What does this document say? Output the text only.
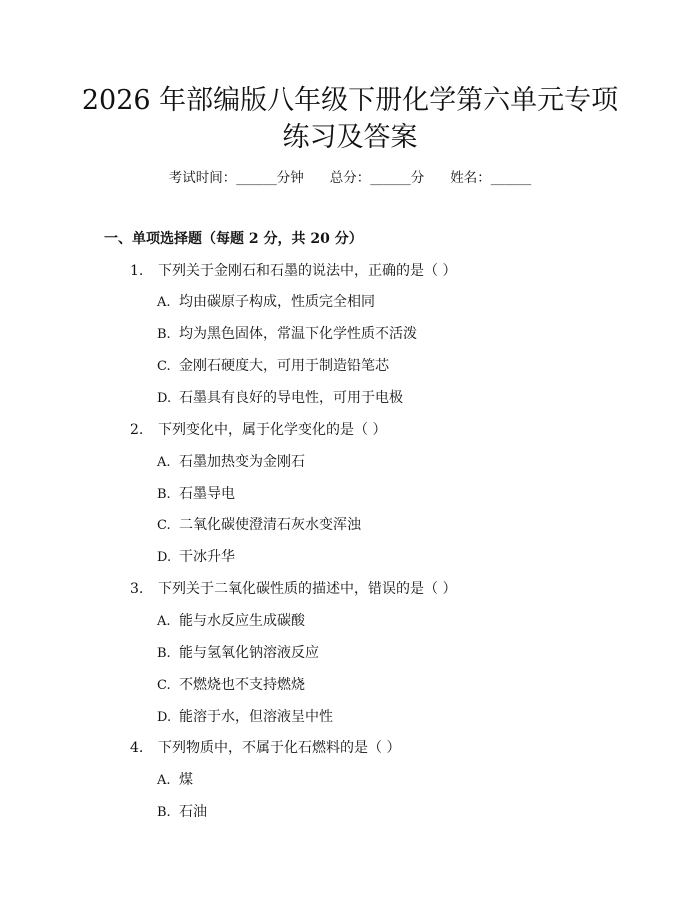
2026 年部编版八年级下册化学第六单元专项
练习及答案
考试时间：______分钟 总分：______分 姓名：______
一、单项选择题（每题 2 分，共 20 分）
1. 下列关于金刚石和石墨的说法中，正确的是（ ）
A. 均由碳原子构成，性质完全相同
B. 均为黑色固体，常温下化学性质不活泼
C. 金刚石硬度大，可用于制造铅笔芯
D. 石墨具有良好的导电性，可用于电极
2. 下列变化中，属于化学变化的是（ ）
A. 石墨加热变为金刚石
B. 石墨导电
C. 二氧化碳使澄清石灰水变浑浊
D. 干冰升华
3. 下列关于二氧化碳性质的描述中，错误的是（ ）
A. 能与水反应生成碳酸
B. 能与氢氧化钠溶液反应
C. 不燃烧也不支持燃烧
D. 能溶于水，但溶液呈中性
4. 下列物质中，不属于化石燃料的是（ ）
A. 煤
B. 石油
